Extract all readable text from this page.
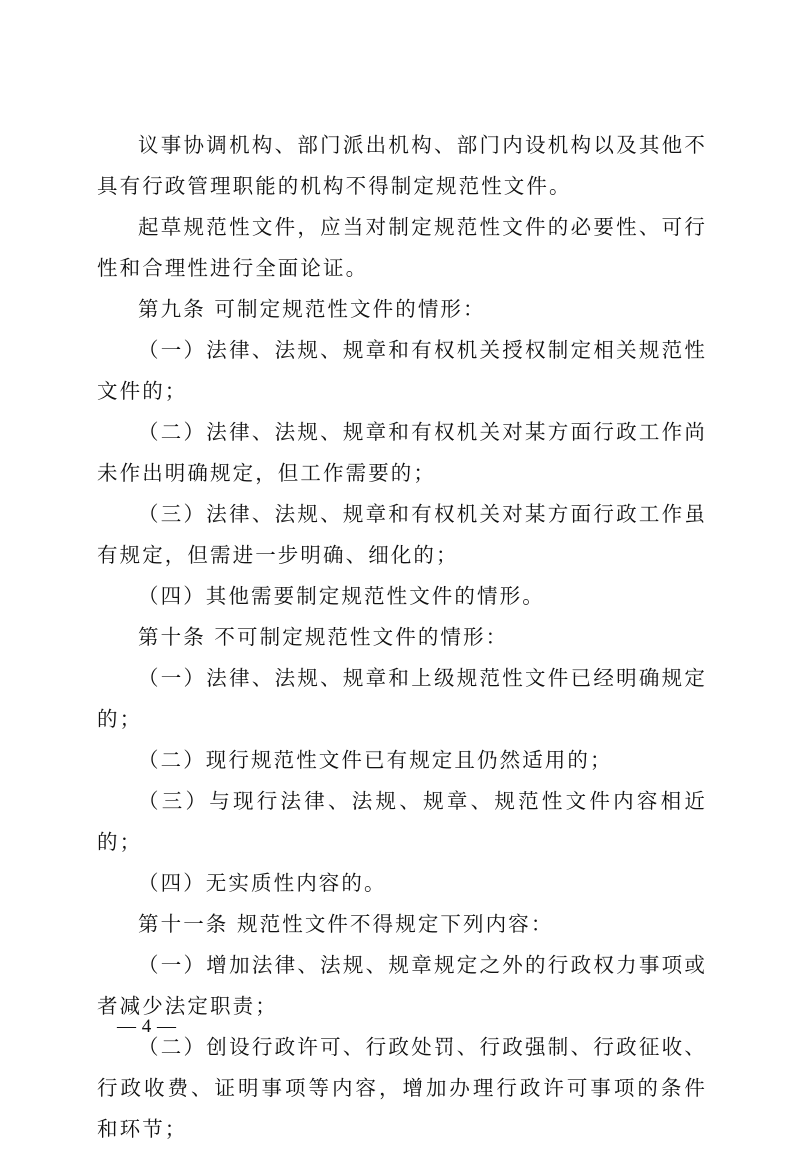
议事协调机构、部门派出机构、部门内设机构以及其他不具有行政管理职能的机构不得制定规范性文件。

起草规范性文件，应当对制定规范性文件的必要性、可行性和合理性进行全面论证。

第九条 可制定规范性文件的情形：

（一）法律、法规、规章和有权机关授权制定相关规范性文件的；

（二）法律、法规、规章和有权机关对某方面行政工作尚未作出明确规定，但工作需要的；

（三）法律、法规、规章和有权机关对某方面行政工作虽有规定，但需进一步明确、细化的；

（四）其他需要制定规范性文件的情形。

第十条 不可制定规范性文件的情形：

（一）法律、法规、规章和上级规范性文件已经明确规定的；

（二）现行规范性文件已有规定且仍然适用的；

（三）与现行法律、法规、规章、规范性文件内容相近的；

（四）无实质性内容的。

第十一条 规范性文件不得规定下列内容：

（一）增加法律、法规、规章规定之外的行政权力事项或者减少法定职责；

（二）创设行政许可、行政处罚、行政强制、行政征收、行政收费、证明事项等内容，增加办理行政许可事项的条件和环节；

— 4 —
